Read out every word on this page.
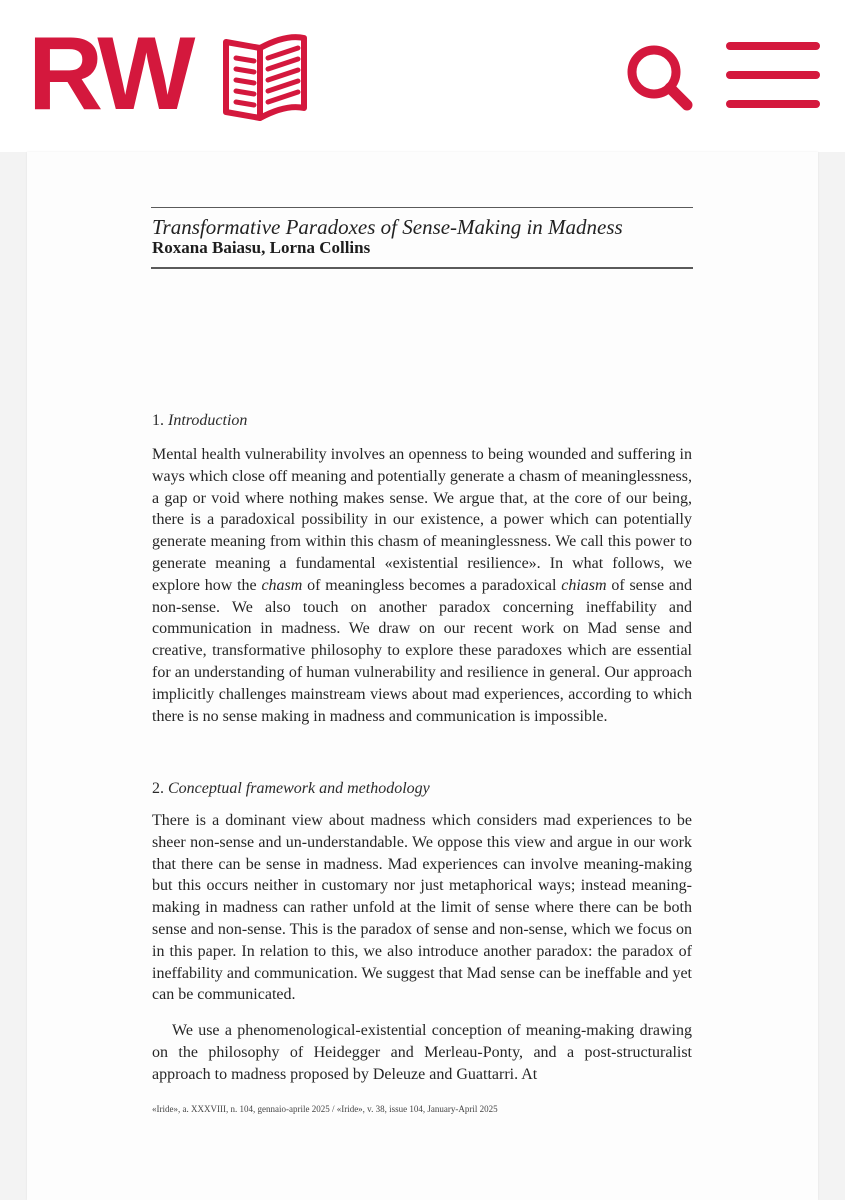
RW
Transformative Paradoxes of Sense-Making in Madness
Roxana Baiasu, Lorna Collins
1. Introduction

Mental health vulnerability involves an openness to being wounded and suffering in ways which close off meaning and potentially generate a chasm of meaninglessness, a gap or void where nothing makes sense. We argue that, at the core of our being, there is a paradoxical possibility in our existence, a power which can potentially generate meaning from within this chasm of meaninglessness. We call this power to generate meaning a fundamental «existential resilience». In what follows, we explore how the chasm of meaningless becomes a paradoxical chiasm of sense and non-sense. We also touch on another paradox concerning ineffability and communication in madness. We draw on our recent work on Mad sense and creative, transformative philosophy to explore these paradoxes which are essential for an understanding of human vulnerability and resilience in general. Our approach implicitly challenges mainstream views about mad experiences, according to which there is no sense making in madness and communication is impossible.

2. Conceptual framework and methodology

There is a dominant view about madness which considers mad experiences to be sheer non-sense and un-understandable. We oppose this view and argue in our work that there can be sense in madness. Mad experiences can involve meaning-making but this occurs neither in customary nor just metaphorical ways; instead meaning-making in madness can rather unfold at the limit of sense where there can be both sense and non-sense. This is the paradox of sense and non-sense, which we focus on in this paper. In relation to this, we also introduce another paradox: the paradox of ineffability and communication. We suggest that Mad sense can be ineffable and yet can be communicated.

We use a phenomenological-existential conception of meaning-making drawing on the philosophy of Heidegger and Merleau-Ponty, and a post-structuralist approach to madness proposed by Deleuze and Guattarri. At

«Iride», a. XXXVIII, n. 104, gennaio-aprile 2025 / «Iride», v. 38, issue 104, January-April 2025
